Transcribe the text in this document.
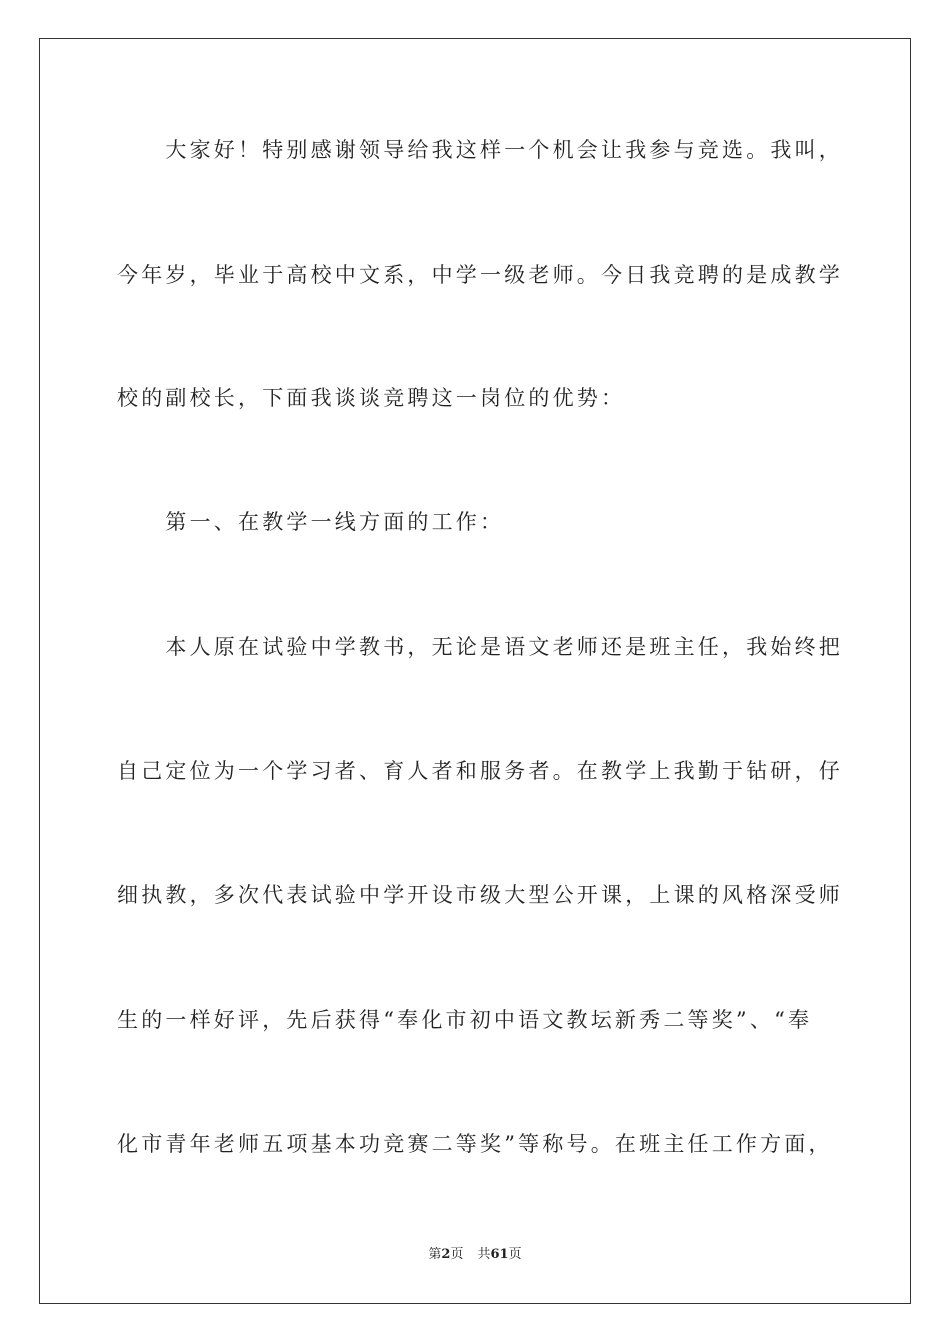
　　大家好！特别感谢领导给我这样一个机会让我参与竞选。我叫，
今年岁，毕业于高校中文系，中学一级老师。今日我竞聘的是成教学
校的副校长，下面我谈谈竞聘这一岗位的优势：
　　第一、在教学一线方面的工作：
　　本人原在试验中学教书，无论是语文老师还是班主任，我始终把
自己定位为一个学习者、育人者和服务者。在教学上我勤于钻研，仔
细执教，多次代表试验中学开设市级大型公开课，上课的风格深受师
生的一样好评，先后获得“奉化市初中语文教坛新秀二等奖”、“奉
化市青年老师五项基本功竞赛二等奖”等称号。在班主任工作方面，
第2页 共61页
